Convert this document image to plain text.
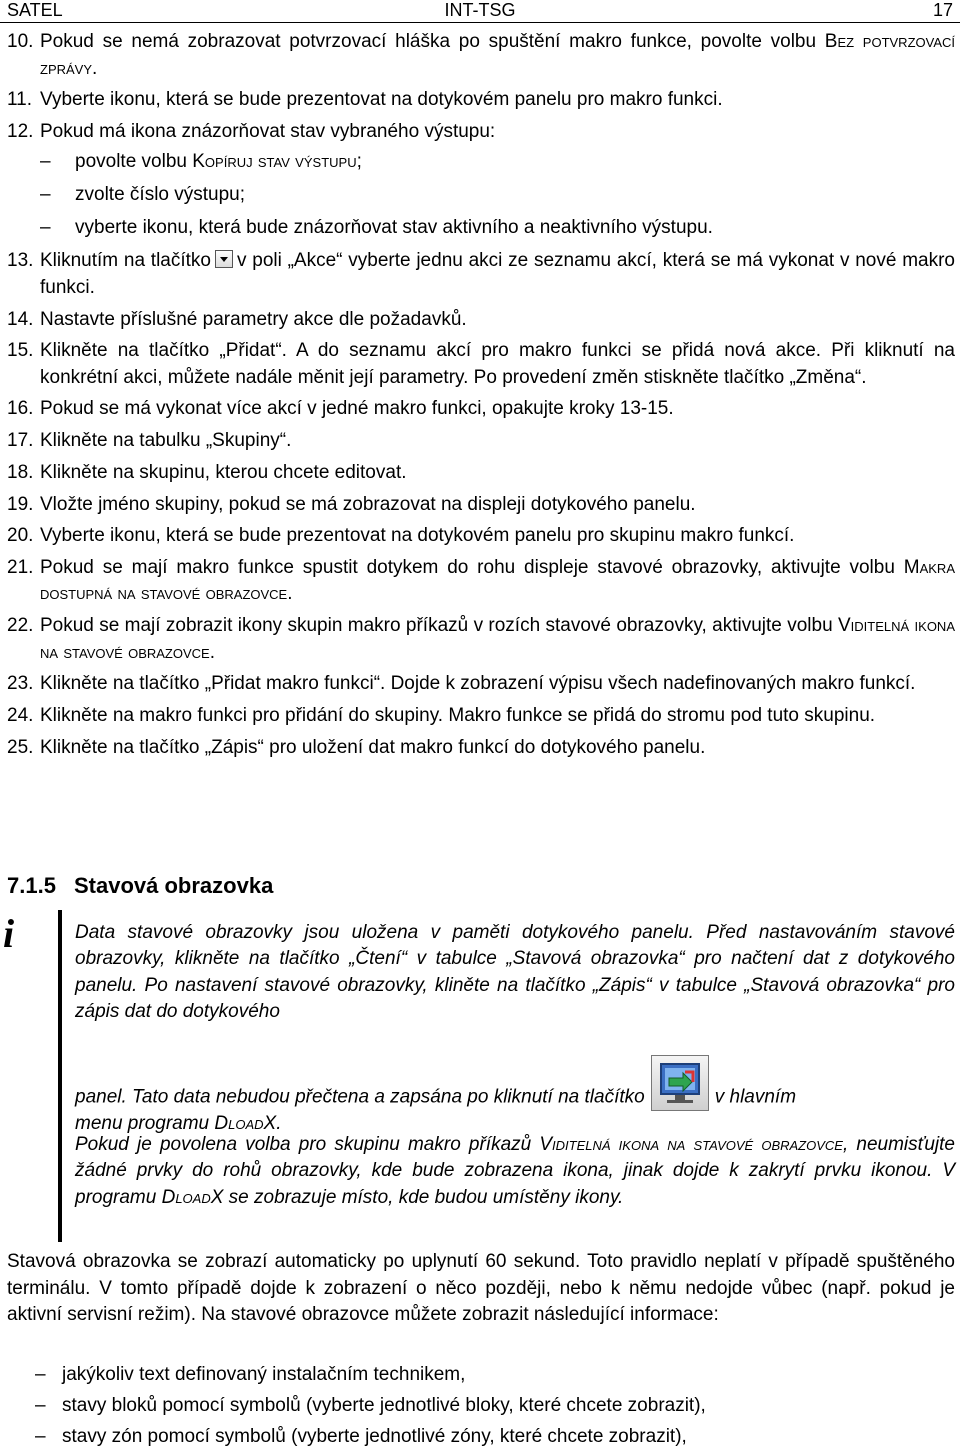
SATEL	INT-TSG	17
10. Pokud se nemá zobrazovat potvrzovací hláška po spuštění makro funkce, povolte volbu Bez potvrzovací zprávy.
11. Vyberte ikonu, která se bude prezentovat na dotykovém panelu pro makro funkci.
12. Pokud má ikona znázorňovat stav vybraného výstupu:
– povolte volbu Kopíruj stav výstupu;
– zvolte číslo výstupu;
– vyberte ikonu, která bude znázorňovat stav aktivního a neaktivního výstupu.
13. Kliknutím na tlačítko v poli „Akce“ vyberte jednu akci ze seznamu akcí, která se má vykonat v nové makro funkci.
14. Nastavte příslušné parametry akce dle požadavků.
15. Klikněte na tlačítko „Přidat“. A do seznamu akcí pro makro funkci se přidá nová akce. Při kliknutí na konkrétní akci, můžete nadále měnit její parametry. Po provedení změn stiskněte tlačítko „Změna“.
16. Pokud se má vykonat více akcí v jedné makro funkci, opakujte kroky 13-15.
17. Klikněte na tabulku „Skupiny“.
18. Klikněte na skupinu, kterou chcete editovat.
19. Vložte jméno skupiny, pokud se má zobrazovat na displeji dotykového panelu.
20. Vyberte ikonu, která se bude prezentovat na dotykovém panelu pro skupinu makro funkcí.
21. Pokud se mají makro funkce spustit dotykem do rohu displeje stavové obrazovky, aktivujte volbu Makra dostupná na stavové obrazovce.
22. Pokud se mají zobrazit ikony skupin makro příkazů v rozích stavové obrazovky, aktivujte volbu Viditelná ikona na stavové obrazovce.
23. Klikněte na tlačítko „Přidat makro funkci“. Dojde k zobrazení výpisu všech nadefinovaných makro funkcí.
24. Klikněte na makro funkci pro přidání do skupiny. Makro funkce se přidá do stromu pod tuto skupinu.
25. Klikněte na tlačítko „Zápis“ pro uložení dat makro funkcí do dotykového panelu.
7.1.5 Stavová obrazovka
i	Data stavové obrazovky jsou uložena v paměti dotykového panelu. Před nastavováním stavové obrazovky, klikněte na tlačítko „Čtení“ v tabulce „Stavová obrazovka“ pro načtení dat z dotykového panelu. Po nastavení stavové obrazovky, kliněte na tlačítko „Zápis“ v tabulce „Stavová obrazovka“ pro zápis dat do dotykového
panel. Tato data nebudou přečtena a zapsána po kliknutí na tlačítko	v hlavním
menu programu DloadX.
Pokud je povolena volba pro skupinu makro příkazů Viditelná ikona na stavové obrazovce, neumisťujte žádné prvky do rohů obrazovky, kde bude zobrazena ikona, jinak dojde k zakrytí prvku ikonou. V programu DloadX se zobrazuje místo, kde budou umístěny ikony.
Stavová obrazovka se zobrazí automaticky po uplynutí 60 sekund. Toto pravidlo neplatí v případě spuštěného terminálu. V tomto případě dojde k zobrazení o něco později, nebo k němu nedojde vůbec (např. pokud je aktivní servisní režim). Na stavové obrazovce můžete zobrazit následující informace:
– jakýkoliv text definovaný instalačním technikem,
– stavy bloků pomocí symbolů (vyberte jednotlivé bloky, které chcete zobrazit),
– stavy zón pomocí symbolů (vyberte jednotlivé zóny, které chcete zobrazit),
